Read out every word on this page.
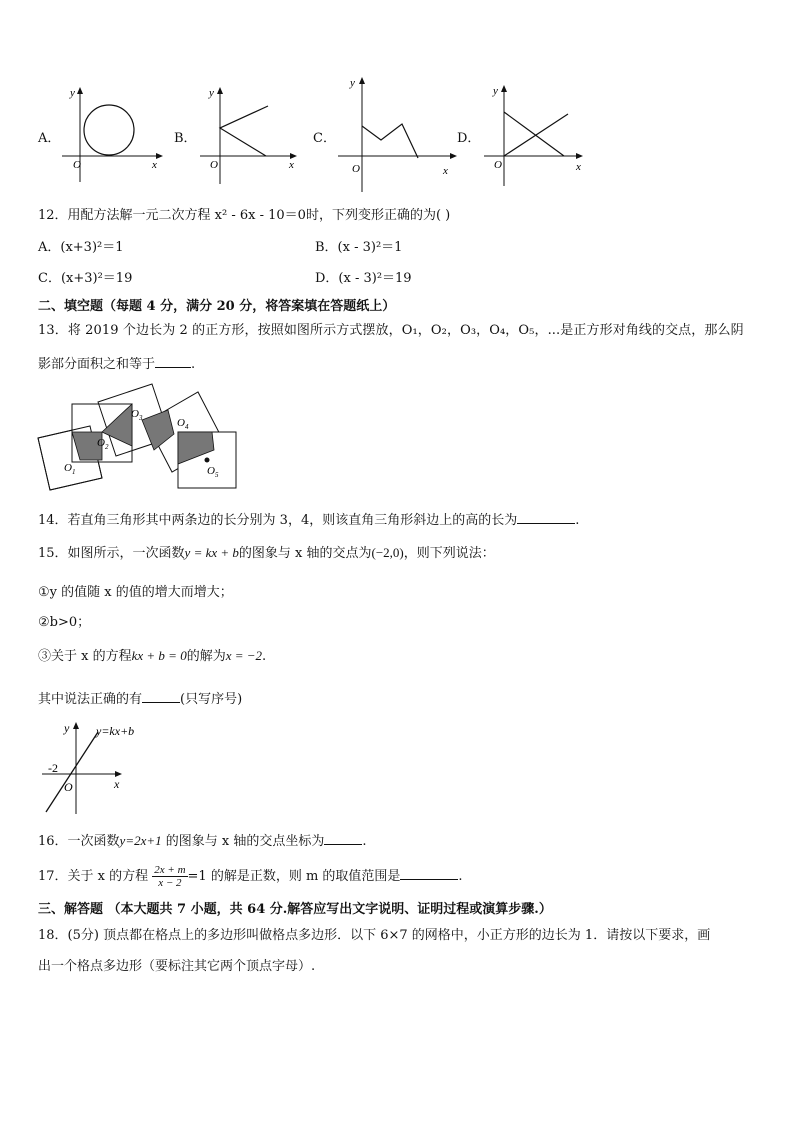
A．
y
x
O
B．
y
x
O
C．
y
x
O
D．
y
x
O
12．用配方法解一元二次方程 x² - 6x - 10＝0时，下列变形正确的为( )
A．(x+3)²＝1	B．(x - 3)²＝1
C．(x+3)²＝19	D．(x - 3)²＝19
二、填空题（每题 4 分，满分 20 分，将答案填在答题纸上）
13．将 2019 个边长为 2 的正方形，按照如图所示方式摆放，O₁，O₂，O₃，O₄，O₅，...是正方形对角线的交点，那么阴
影部分面积之和等于	.
$O_1$
$O_2$
$O_3$	$O_4$
$O_5$
14．若直角三角形其中两条边的长分别为 3，4，则该直角三角形斜边上的高的长为	.
15．如图所示，一次函数y = kx + b的图象与 x 轴的交点为(−2,0)，则下列说法：
①y 的值随 x 的值的增大而增大；
②b>0；
③关于 x 的方程kx + b = 0的解为x = −2.
其中说法正确的有	(只写序号)
y y=kx+b
-2
O	x
16．一次函数y=2x+1 的图象与 x 轴的交点坐标为	.
17．关于 x 的方程 $\frac{2x + m}{x - 2} =1$ 的解是正数，则 m 的取值范围是	.
三、解答题 （本大题共 7 小题，共 64 分.解答应写出文字说明、证明过程或演算步骤.）
18．(5分) 顶点都在格点上的多边形叫做格点多边形．以下 6×7 的网格中，小正方形的边长为 1．请按以下要求，画
出一个格点多边形（要标注其它两个顶点字母）.
